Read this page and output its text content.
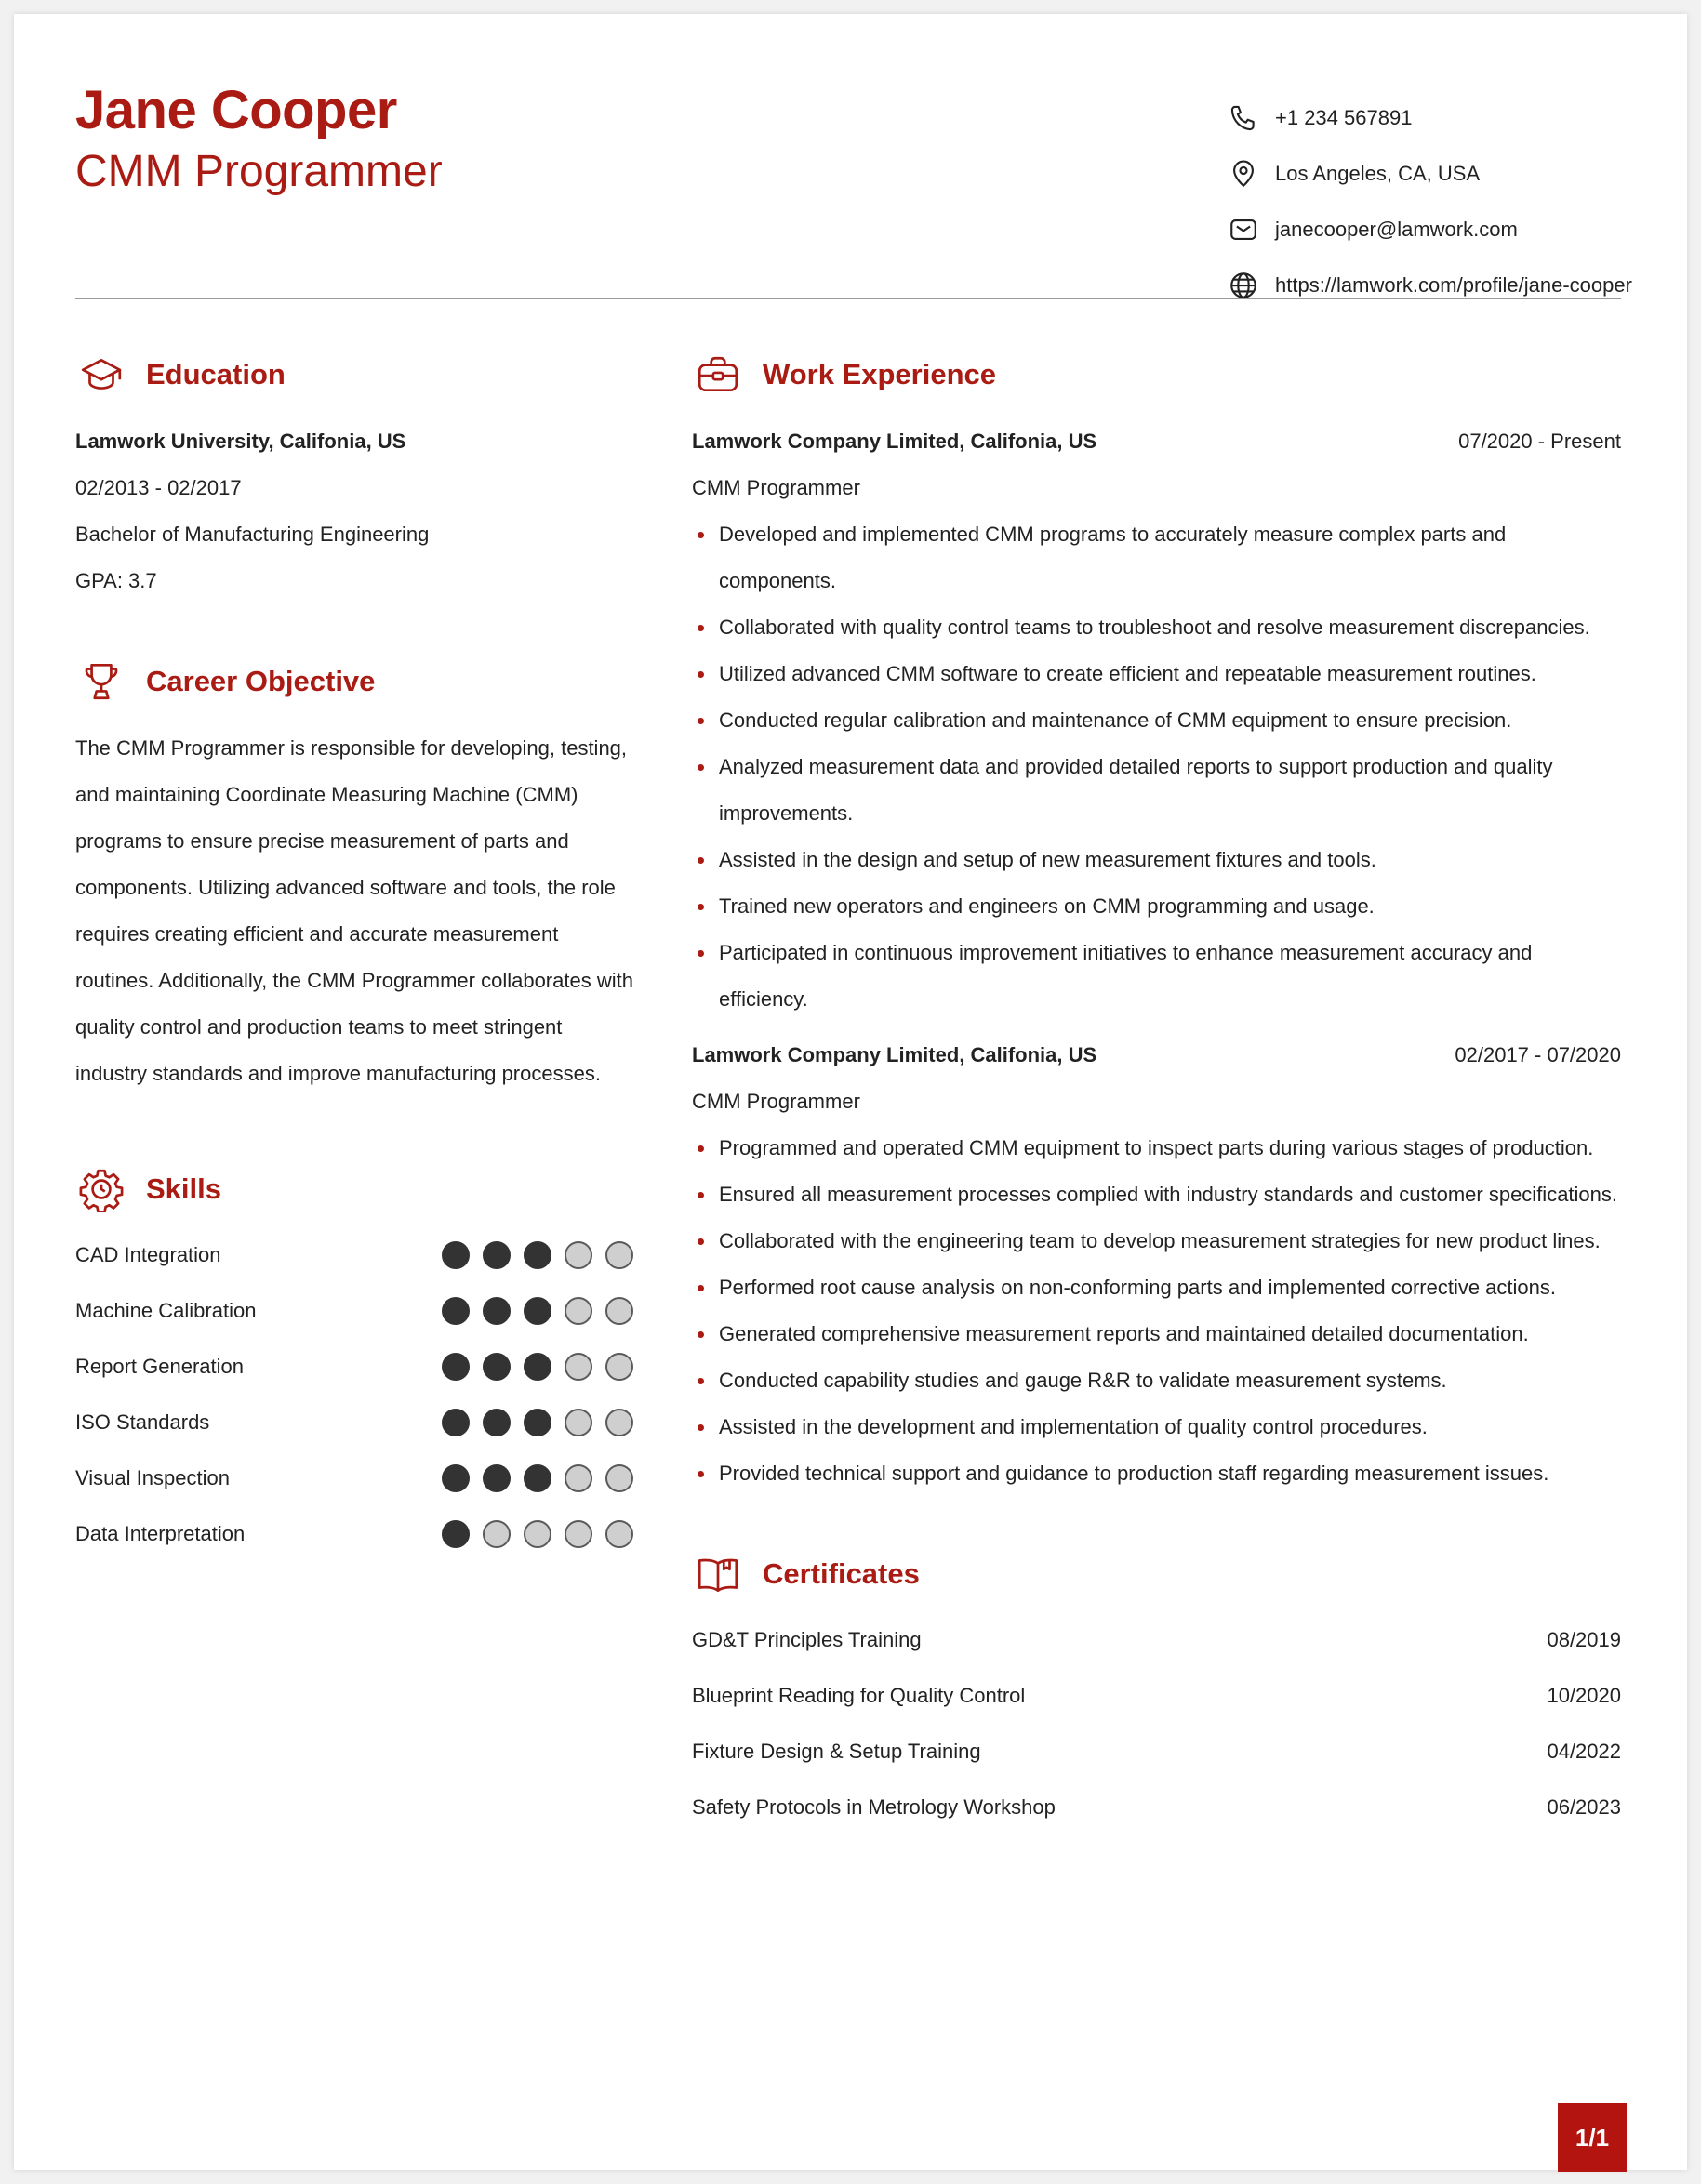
Jane Cooper
CMM Programmer
+1 234 567891
Los Angeles, CA, USA
janecooper@lamwork.com
https://lamwork.com/profile/jane-cooper
Education
Lamwork University, Califonia, US
02/2013 - 02/2017
Bachelor of Manufacturing Engineering
GPA: 3.7
Career Objective
The CMM Programmer is responsible for developing, testing,
and maintaining Coordinate Measuring Machine (CMM)
programs to ensure precise measurement of parts and
components. Utilizing advanced software and tools, the role
requires creating efficient and accurate measurement
routines. Additionally, the CMM Programmer collaborates with
quality control and production teams to meet stringent
industry standards and improve manufacturing processes.
Skills
CAD Integration
Machine Calibration
Report Generation
ISO Standards
Visual Inspection
Data Interpretation
Work Experience
Lamwork Company Limited, Califonia, US	07/2020 - Present
CMM Programmer
Developed and implemented CMM programs to accurately measure complex parts and components.
Collaborated with quality control teams to troubleshoot and resolve measurement discrepancies.
Utilized advanced CMM software to create efficient and repeatable measurement routines.
Conducted regular calibration and maintenance of CMM equipment to ensure precision.
Analyzed measurement data and provided detailed reports to support production and quality improvements.
Assisted in the design and setup of new measurement fixtures and tools.
Trained new operators and engineers on CMM programming and usage.
Participated in continuous improvement initiatives to enhance measurement accuracy and efficiency.
Lamwork Company Limited, Califonia, US	02/2017 - 07/2020
CMM Programmer
Programmed and operated CMM equipment to inspect parts during various stages of production.
Ensured all measurement processes complied with industry standards and customer specifications.
Collaborated with the engineering team to develop measurement strategies for new product lines.
Performed root cause analysis on non-conforming parts and implemented corrective actions.
Generated comprehensive measurement reports and maintained detailed documentation.
Conducted capability studies and gauge R&R to validate measurement systems.
Assisted in the development and implementation of quality control procedures.
Provided technical support and guidance to production staff regarding measurement issues.
Certificates
GD&T Principles Training	08/2019
Blueprint Reading for Quality Control	10/2020
Fixture Design & Setup Training	04/2022
Safety Protocols in Metrology Workshop	06/2023
1/1
